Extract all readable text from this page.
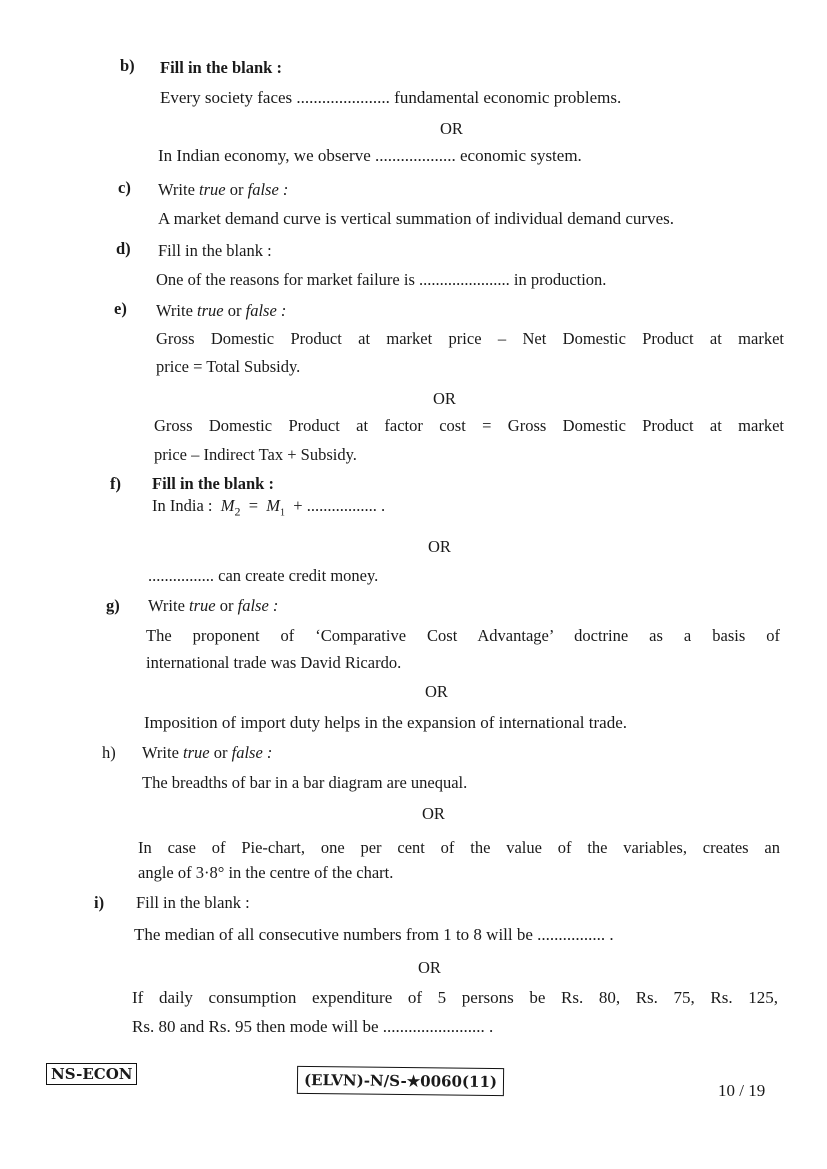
b) Fill in the blank :
Every society faces ...................... fundamental economic problems.
OR
In Indian economy, we observe ................... economic system.
c) Write true or false :
A market demand curve is vertical summation of individual demand curves.
d) Fill in the blank :
One of the reasons for market failure is ...................... in production.
e) Write true or false :
Gross Domestic Product at market price – Net Domestic Product at market
price = Total Subsidy.
OR
Gross Domestic Product at factor cost = Gross Domestic Product at market
price – Indirect Tax + Subsidy.
f) Fill in the blank :
In India : $M_2 = M_1$ + ................. .
OR
................ can create credit money.
g) Write true or false :
The proponent of ‘Comparative Cost Advantage’ doctrine as a basis of
international trade was David Ricardo.
OR
Imposition of import duty helps in the expansion of international trade.
h) Write true or false :
The breadths of bar in a bar diagram are unequal.
OR
In case of Pie-chart, one per cent of the value of the variables, creates an
angle of 3·8° in the centre of the chart.
i) Fill in the blank :
The median of all consecutive numbers from 1 to 8 will be ................ .
OR
If daily consumption expenditure of 5 persons be Rs. 80, Rs. 75, Rs. 125,
Rs. 80 and Rs. 95 then mode will be ........................ .
NS-ECON	(ELVN)-N/S-★0060(11)	10 / 19
